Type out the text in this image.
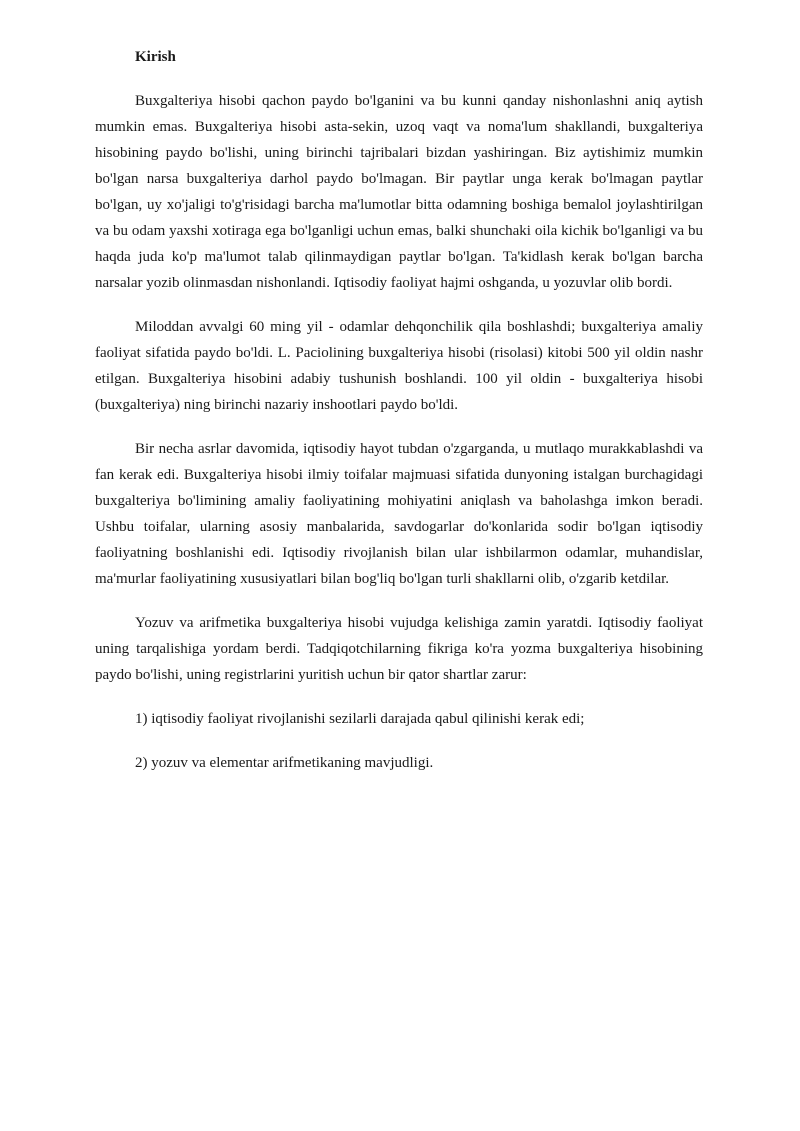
Kirish

Buxgalteriya hisobi qachon paydo bo'lganini va bu kunni qanday nishonlashni aniq aytish mumkin emas. Buxgalteriya hisobi asta-sekin, uzoq vaqt va noma'lum shakllandi, buxgalteriya hisobining paydo bo'lishi, uning birinchi tajribalari bizdan yashiringan. Biz aytishimiz mumkin bo'lgan narsa buxgalteriya darhol paydo bo'lmagan. Bir paytlar unga kerak bo'lmagan paytlar bo'lgan, uy xo'jaligi to'g'risidagi barcha ma'lumotlar bitta odamning boshiga bemalol joylashtirilgan va bu odam yaxshi xotiraga ega bo'lganligi uchun emas, balki shunchaki oila kichik bo'lganligi va bu haqda juda ko'p ma'lumot talab qilinmaydigan paytlar bo'lgan. Ta'kidlash kerak bo'lgan barcha narsalar yozib olinmasdan nishonlandi. Iqtisodiy faoliyat hajmi oshganda, u yozuvlar olib bordi.

Miloddan avvalgi 60 ming yil - odamlar dehqonchilik qila boshlashdi; buxgalteriya amaliy faoliyat sifatida paydo bo'ldi. L. Paciolining buxgalteriya hisobi (risolasi) kitobi 500 yil oldin nashr etilgan. Buxgalteriya hisobini adabiy tushunish boshlandi. 100 yil oldin - buxgalteriya hisobi (buxgalteriya) ning birinchi nazariy inshootlari paydo bo'ldi.

Bir necha asrlar davomida, iqtisodiy hayot tubdan o'zgarganda, u mutlaqo murakkablashdi va fan kerak edi. Buxgalteriya hisobi ilmiy toifalar majmuasi sifatida dunyoning istalgan burchagidagi buxgalteriya bo'limining amaliy faoliyatining mohiyatini aniqlash va baholashga imkon beradi. Ushbu toifalar, ularning asosiy manbalarida, savdogarlar do'konlarida sodir bo'lgan iqtisodiy faoliyatning boshlanishi edi. Iqtisodiy rivojlanish bilan ular ishbilarmon odamlar, muhandislar, ma'murlar faoliyatining xususiyatlari bilan bog'liq bo'lgan turli shakllarni olib, o'zgarib ketdilar.

Yozuv va arifmetika buxgalteriya hisobi vujudga kelishiga zamin yaratdi. Iqtisodiy faoliyat uning tarqalishiga yordam berdi. Tadqiqotchilarning fikriga ko'ra yozma buxgalteriya hisobining paydo bo'lishi, uning registrlarini yuritish uchun bir qator shartlar zarur:

1) iqtisodiy faoliyat rivojlanishi sezilarli darajada qabul qilinishi kerak edi;
2) yozuv va elementar arifmetikaning mavjudligi.
